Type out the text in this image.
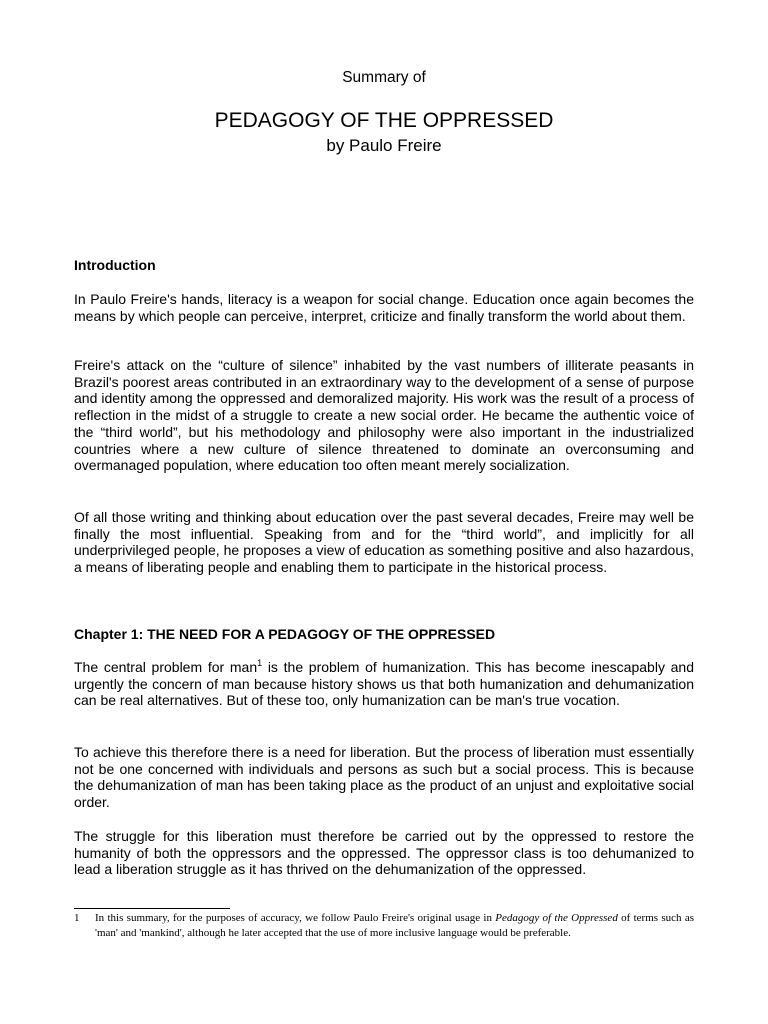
Summary of
PEDAGOGY OF THE OPPRESSED
by Paulo Freire
Introduction

In Paulo Freire's hands, literacy is a weapon for social change. Education once again becomes the means by which people can perceive, interpret, criticize and finally transform the world about them.

Freire's attack on the “culture of silence” inhabited by the vast numbers of illiterate peasants in Brazil's poorest areas contributed in an extraordinary way to the development of a sense of purpose and identity among the oppressed and demoralized majority. His work was the result of a process of reflection in the midst of a struggle to create a new social order. He became the authentic voice of the “third world”, but his methodology and philosophy were also important in the industrialized countries where a new culture of silence threatened to dominate an overconsuming and overmanaged population, where education too often meant merely socialization.

Of all those writing and thinking about education over the past several decades, Freire may well be finally the most influential. Speaking from and for the “third world”, and implicitly for all underprivileged people, he proposes a view of education as something positive and also hazardous, a means of liberating people and enabling them to participate in the historical process.

Chapter 1: THE NEED FOR A PEDAGOGY OF THE OPPRESSED

The central problem for man$^1$ is the problem of humanization. This has become inescapably and urgently the concern of man because history shows us that both humanization and dehumanization can be real alternatives. But of these too, only humanization can be man's true vocation.

To achieve this therefore there is a need for liberation. But the process of liberation must essentially not be one concerned with individuals and persons as such but a social process. This is because the dehumanization of man has been taking place as the product of an unjust and exploitative social order.

The struggle for this liberation must therefore be carried out by the oppressed to restore the humanity of both the oppressors and the oppressed. The oppressor class is too dehumanized to lead a liberation struggle as it has thrived on the dehumanization of the oppressed.

1 In this summary, for the purposes of accuracy, we follow Paulo Freire's original usage in Pedagogy of the Oppressed of terms such as 'man' and 'mankind', although he later accepted that the use of more inclusive language would be preferable.
